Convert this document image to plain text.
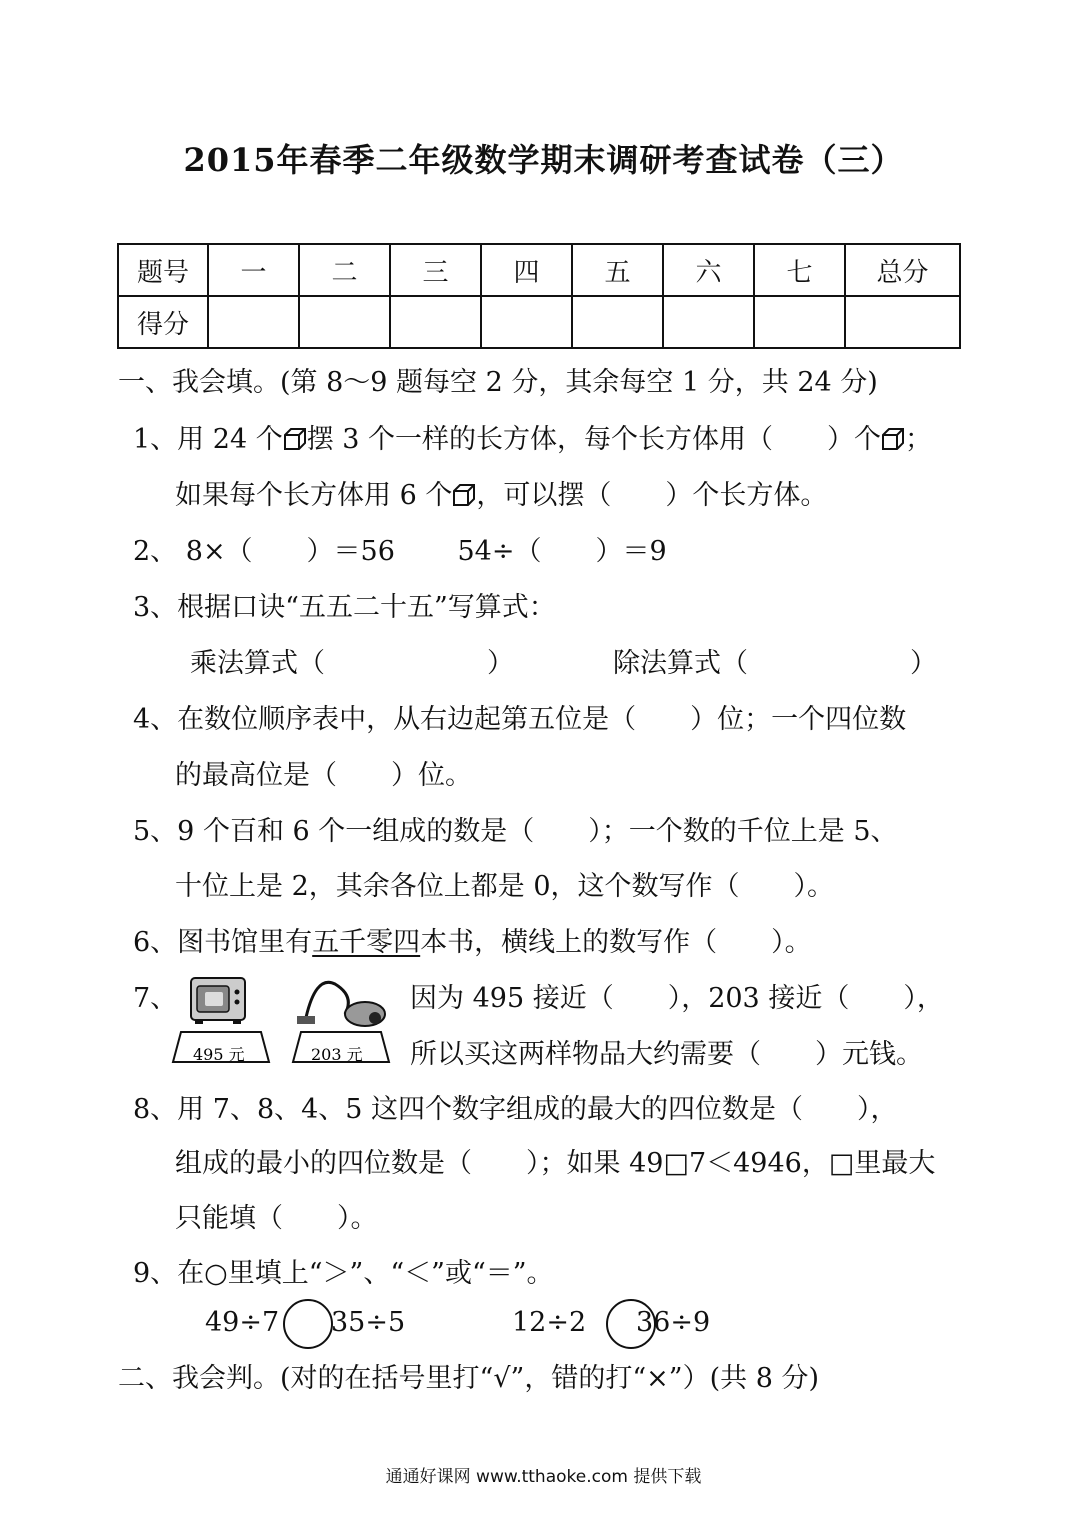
2015年春季二年级数学期末调研考查试卷（三）
题号	一	二	三	四	五	六	七	总分
得分								
一、我会填。(第 8～9 题每空 2 分，其余每空 1 分，共 24 分)
1、用 24 个 摆 3 个一样的长方体，每个长方体用（　　）个 ；
如果每个长方体用 6 个 ，可以摆（　　）个长方体。
2、 8×（　　）＝56　　 54÷（　　）＝9
3、根据口诀“五五二十五”写算式：
乘法算式（　　　　　　）	除法算式（　　　　　　）
4、在数位顺序表中，从右边起第五位是（　　）位；一个四位数
的最高位是（　　）位。
5、9 个百和 6 个一组成的数是（　　）；一个数的千位上是 5、
十位上是 2，其余各位上都是 0，这个数写作（　　）。
6、图书馆里有五千零四本书，横线上的数写作（　　）。
7、
495 元	203 元
因为 495 接近（　　），203 接近（　　），
所以买这两样物品大约需要（　　）元钱。
8、用 7、8、4、5 这四个数字组成的最大的四位数是（　　），
组成的最小的四位数是（　　）；如果 49□7＜4946，□里最大
只能填（　　）。
9、在○里填上“＞”、“＜”或“＝”。
49÷7 35÷5	12÷2 36÷9
二、我会判。(对的在括号里打“√”，错的打“×”）(共 8 分)
通通好课网 www.tthaoke.com 提供下载
